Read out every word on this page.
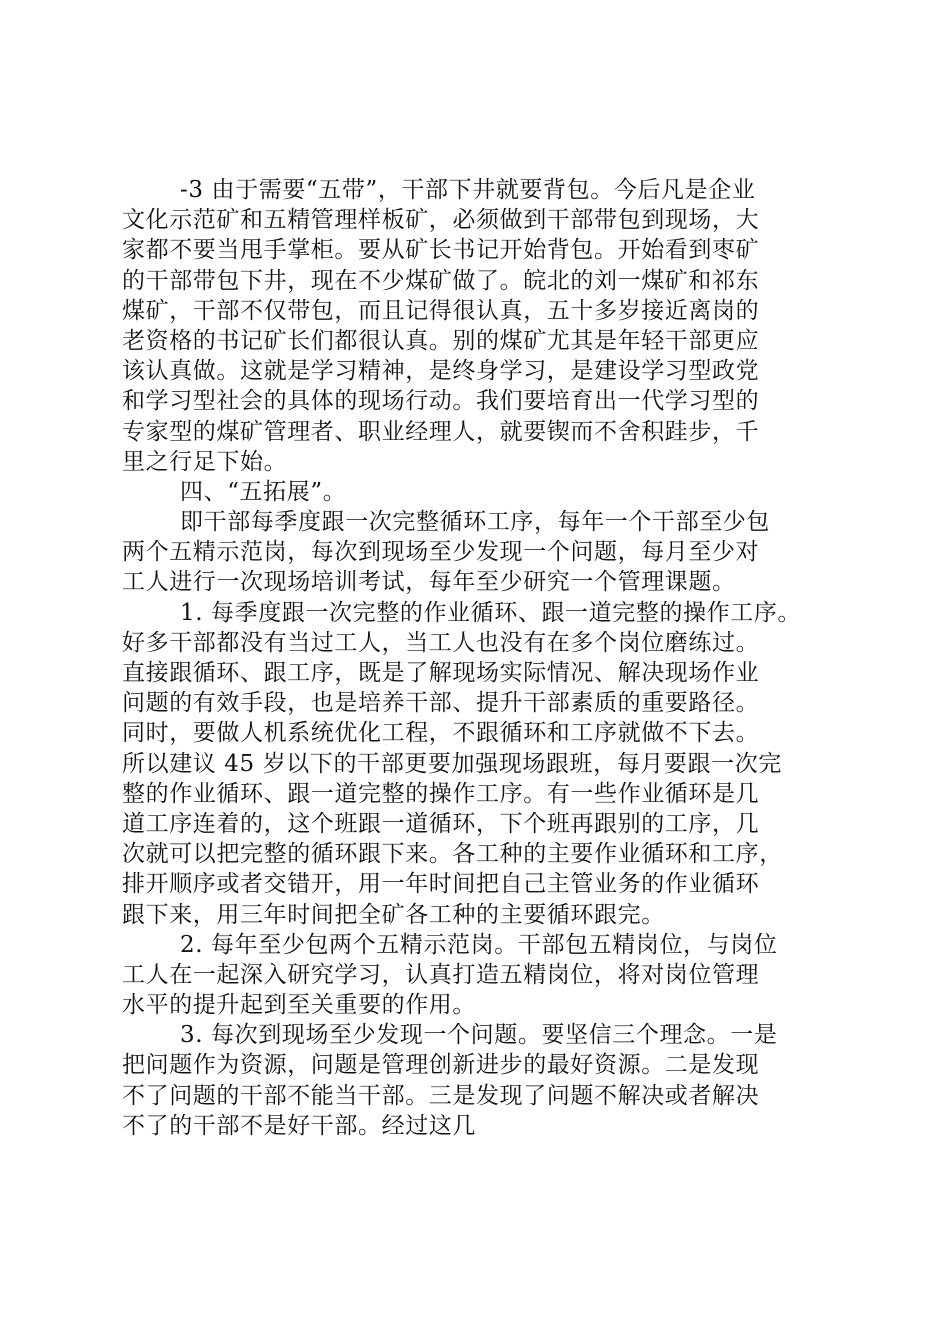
-3 由于需要“五带”，干部下井就要背包。今后凡是企业
文化示范矿和五精管理样板矿，必须做到干部带包到现场，大
家都不要当甩手掌柜。要从矿长书记开始背包。开始看到枣矿
的干部带包下井，现在不少煤矿做了。皖北的刘一煤矿和祁东
煤矿，干部不仅带包，而且记得很认真，五十多岁接近离岗的
老资格的书记矿长们都很认真。别的煤矿尤其是年轻干部更应
该认真做。这就是学习精神，是终身学习，是建设学习型政党
和学习型社会的具体的现场行动。我们要培育出一代学习型的
专家型的煤矿管理者、职业经理人，就要锲而不舍积跬步，千
里之行足下始。
四、“五拓展”。
即干部每季度跟一次完整循环工序，每年一个干部至少包
两个五精示范岗，每次到现场至少发现一个问题，每月至少对
工人进行一次现场培训考试，每年至少研究一个管理课题。
1. 每季度跟一次完整的作业循环、跟一道完整的操作工序。
好多干部都没有当过工人，当工人也没有在多个岗位磨练过。
直接跟循环、跟工序，既是了解现场实际情况、解决现场作业
问题的有效手段，也是培养干部、提升干部素质的重要路径。
同时，要做人机系统优化工程，不跟循环和工序就做不下去。
所以建议 45 岁以下的干部更要加强现场跟班，每月要跟一次完
整的作业循环、跟一道完整的操作工序。有一些作业循环是几
道工序连着的，这个班跟一道循环，下个班再跟别的工序，几
次就可以把完整的循环跟下来。各工种的主要作业循环和工序，
排开顺序或者交错开，用一年时间把自己主管业务的作业循环
跟下来，用三年时间把全矿各工种的主要循环跟完。
2. 每年至少包两个五精示范岗。干部包五精岗位，与岗位
工人在一起深入研究学习，认真打造五精岗位，将对岗位管理
水平的提升起到至关重要的作用。
3. 每次到现场至少发现一个问题。要坚信三个理念。一是
把问题作为资源，问题是管理创新进步的最好资源。二是发现
不了问题的干部不能当干部。三是发现了问题不解决或者解决
不了的干部不是好干部。经过这几
